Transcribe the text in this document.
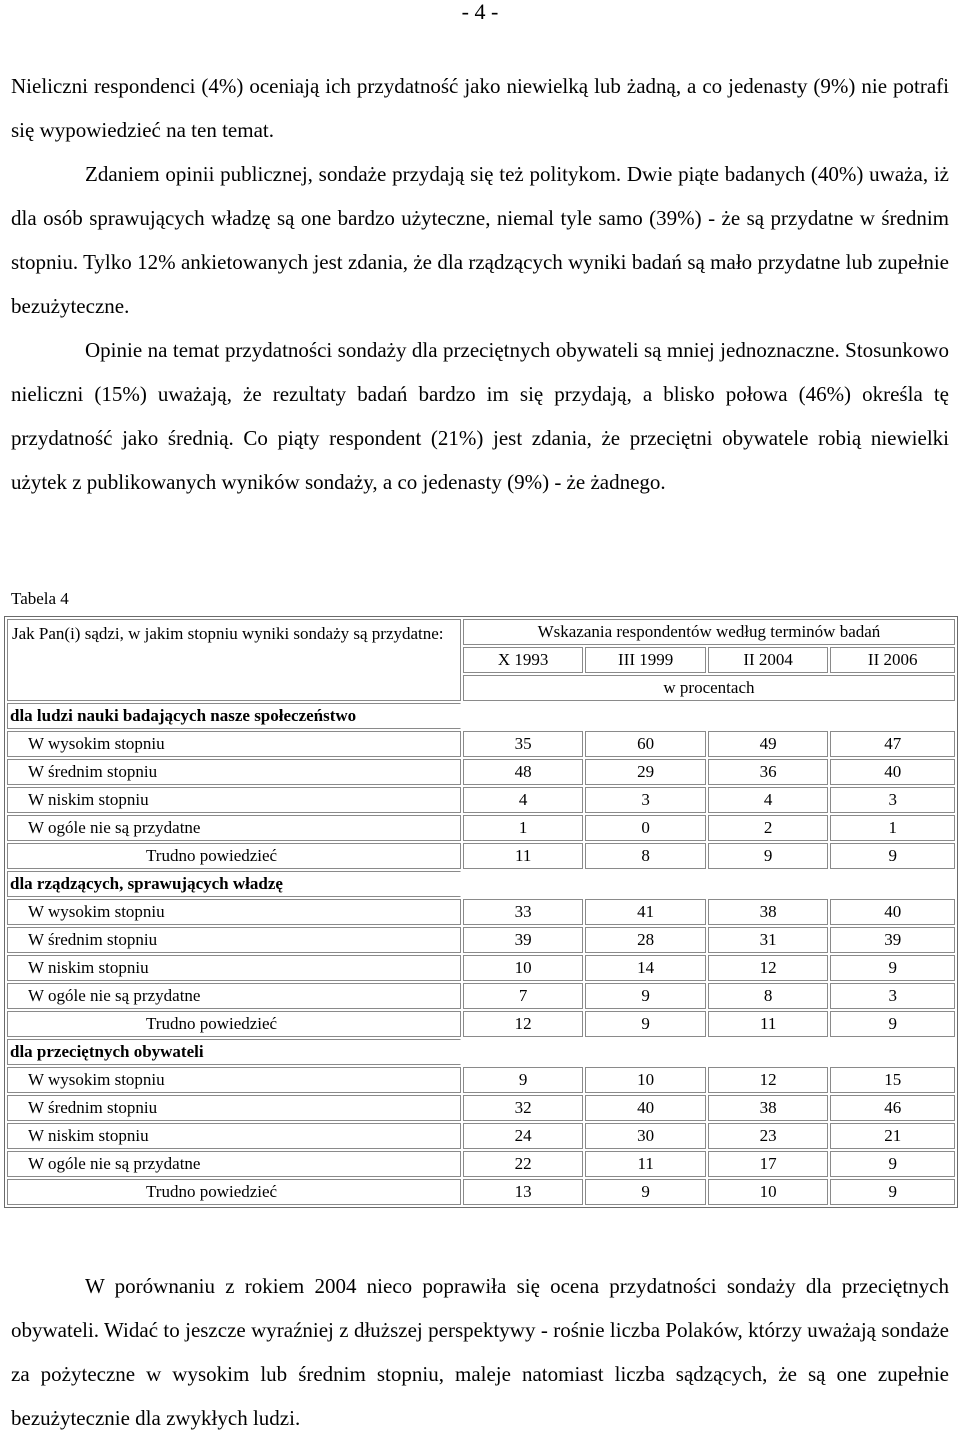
- 4 -

Nieliczni respondenci (4%) oceniają ich przydatność jako niewielką lub żadną, a co jedenasty (9%) nie potrafi się wypowiedzieć na ten temat.

Zdaniem opinii publicznej, sondaże przydają się też politykom. Dwie piąte badanych (40%) uważa, iż dla osób sprawujących władzę są one bardzo użyteczne, niemal tyle samo (39%) - że są przydatne w średnim stopniu. Tylko 12% ankietowanych jest zdania, że dla rządzących wyniki badań są mało przydatne lub zupełnie bezużyteczne.

Opinie na temat przydatności sondaży dla przeciętnych obywateli są mniej jednoznaczne. Stosunkowo nieliczni (15%) uważają, że rezultaty badań bardzo im się przydają, a blisko połowa (46%) określa tę przydatność jako średnią. Co piąty respondent (21%) jest zdania, że przeciętni obywatele robią niewielki użytek z publikowanych wyników sondaży, a co jedenasty (9%) - że żadnego.

Tabela 4
Jak Pan(i) sądzi, w jakim stopniu wyniki sondaży są przydatne:	Wskazania respondentów według terminów badań			
	X 1993	III 1999	II 2004	II 2006
	w procentach			
dla ludzi nauki badających nasze społeczeństwo				
W wysokim stopniu	35	60	49	47
W średnim stopniu	48	29	36	40
W niskim stopniu	4	3	4	3
W ogóle nie są przydatne	1	0	2	1
Trudno powiedzieć	11	8	9	9
dla rządzących, sprawujących władzę				
W wysokim stopniu	33	41	38	40
W średnim stopniu	39	28	31	39
W niskim stopniu	10	14	12	9
W ogóle nie są przydatne	7	9	8	3
Trudno powiedzieć	12	9	11	9
dla przeciętnych obywateli				
W wysokim stopniu	9	10	12	15
W średnim stopniu	32	40	38	46
W niskim stopniu	24	30	23	21
W ogóle nie są przydatne	22	11	17	9
Trudno powiedzieć	13	9	10	9

W porównaniu z rokiem 2004 nieco poprawiła się ocena przydatności sondaży dla przeciętnych obywateli. Widać to jeszcze wyraźniej z dłuższej perspektywy - rośnie liczba Polaków, którzy uważają sondaże za pożyteczne w wysokim lub średnim stopniu, maleje natomiast liczba sądzących, że są one zupełnie bezużytecznie dla zwykłych ludzi.
